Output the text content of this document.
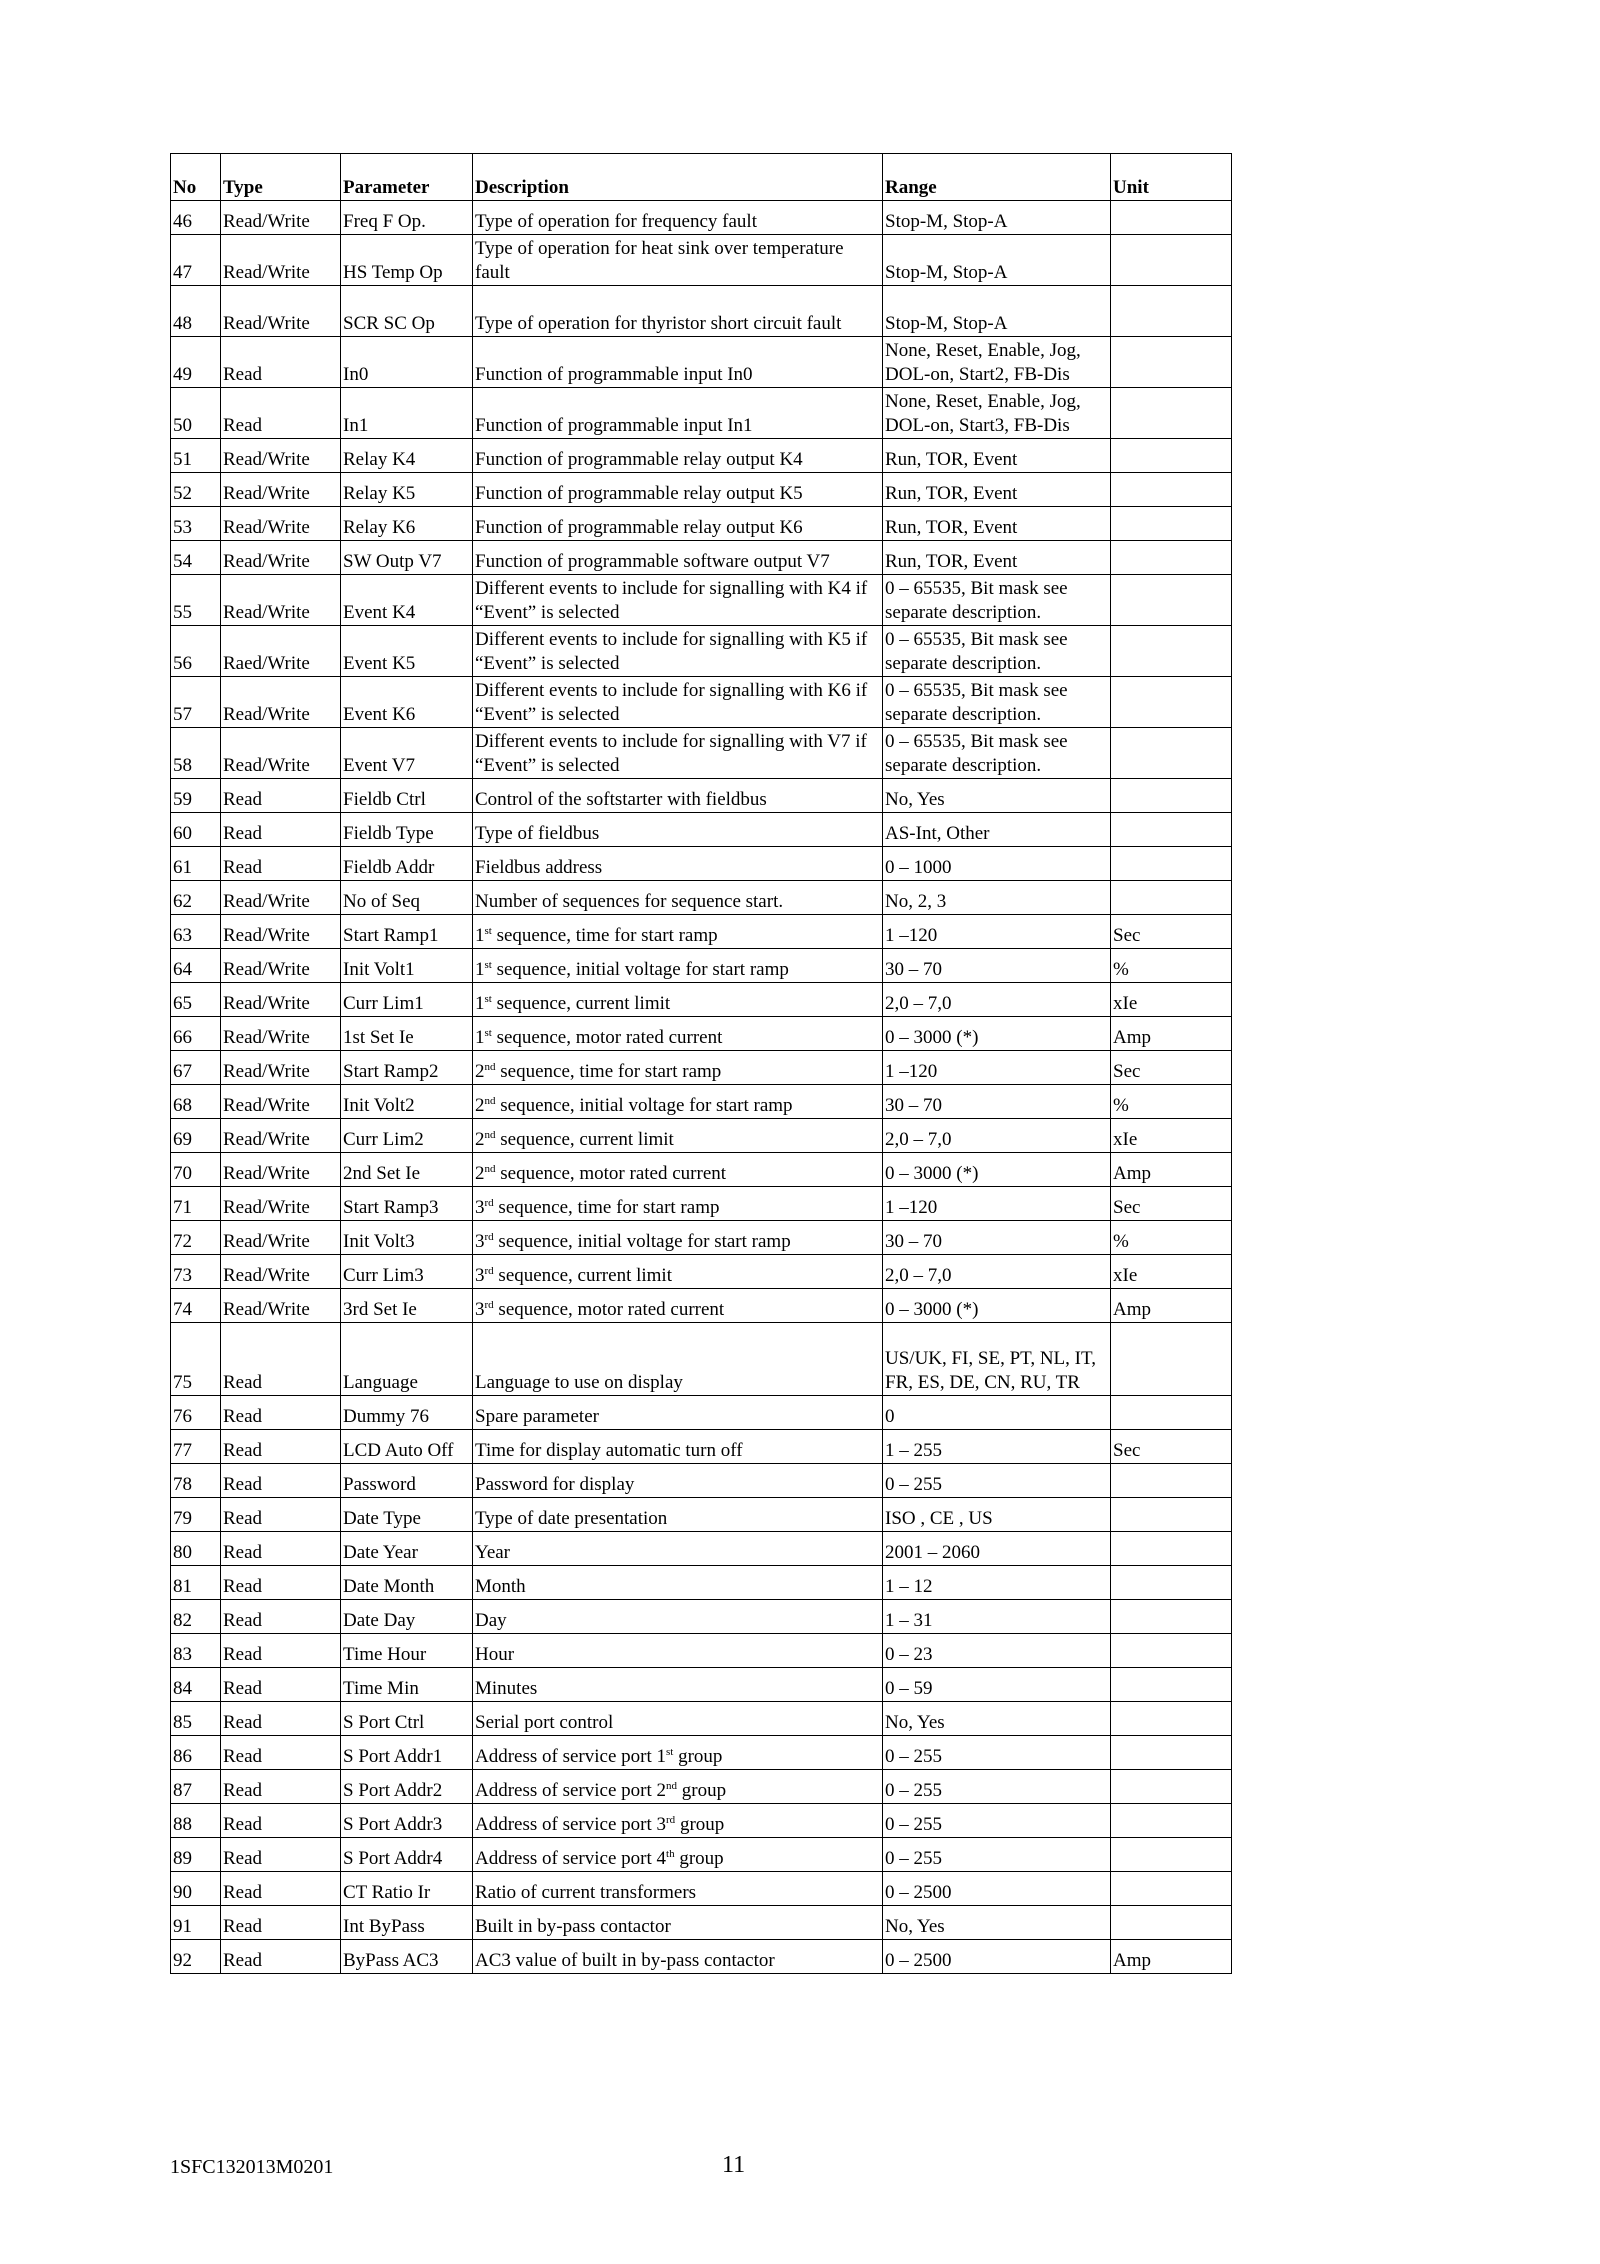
No	Type	Parameter	Description	Range	Unit
46	Read/Write	Freq F Op.	Type of operation for frequency fault	Stop-M, Stop-A	
47	Read/Write	HS Temp Op	Type of operation for heat sink over temperature fault	Stop-M, Stop-A	
48	Read/Write	SCR SC Op	Type of operation for thyristor short circuit fault	Stop-M, Stop-A	
49	Read	In0	Function of programmable input In0	None, Reset, Enable, Jog, DOL-on, Start2, FB-Dis	
50	Read	In1	Function of programmable input In1	None, Reset, Enable, Jog, DOL-on, Start3, FB-Dis	
51	Read/Write	Relay K4	Function of programmable relay output K4	Run, TOR, Event	
52	Read/Write	Relay K5	Function of programmable relay output K5	Run, TOR, Event	
53	Read/Write	Relay K6	Function of programmable relay output K6	Run, TOR, Event	
54	Read/Write	SW Outp V7	Function of programmable software output V7	Run, TOR, Event	
55	Read/Write	Event K4	Different events to include for signalling with K4 if “Event” is selected	0 – 65535, Bit mask see separate description.	
56	Raed/Write	Event K5	Different events to include for signalling with K5 if “Event” is selected	0 – 65535, Bit mask see separate description.	
57	Read/Write	Event K6	Different events to include for signalling with K6 if “Event” is selected	0 – 65535, Bit mask see separate description.	
58	Read/Write	Event V7	Different events to include for signalling with V7 if “Event” is selected	0 – 65535, Bit mask see separate description.	
59	Read	Fieldb Ctrl	Control of the softstarter with fieldbus	No, Yes	
60	Read	Fieldb Type	Type of fieldbus	AS-Int, Other	
61	Read	Fieldb Addr	Fieldbus address	0 – 1000	
62	Read/Write	No of Seq	Number of sequences for sequence start.	No, 2, 3	
63	Read/Write	Start Ramp1	1st sequence, time for start ramp	1 –120	Sec
64	Read/Write	Init Volt1	1st sequence, initial voltage for start ramp	30 – 70	%
65	Read/Write	Curr Lim1	1st sequence, current limit	2,0 – 7,0	xIe
66	Read/Write	1st Set Ie	1st sequence, motor rated current	0 – 3000 (*)	Amp
67	Read/Write	Start Ramp2	2nd sequence, time for start ramp	1 –120	Sec
68	Read/Write	Init Volt2	2nd sequence, initial voltage for start ramp	30 – 70	%
69	Read/Write	Curr Lim2	2nd sequence, current limit	2,0 – 7,0	xIe
70	Read/Write	2nd Set Ie	2nd sequence, motor rated current	0 – 3000 (*)	Amp
71	Read/Write	Start Ramp3	3rd sequence, time for start ramp	1 –120	Sec
72	Read/Write	Init Volt3	3rd sequence, initial voltage for start ramp	30 – 70	%
73	Read/Write	Curr Lim3	3rd sequence, current limit	2,0 – 7,0	xIe
74	Read/Write	3rd Set Ie	3rd sequence, motor rated current	0 – 3000 (*)	Amp
75	Read	Language	Language to use on display	US/UK, FI, SE, PT, NL, IT, FR, ES, DE, CN, RU, TR	
76	Read	Dummy 76	Spare parameter	0	
77	Read	LCD Auto Off	Time for display automatic turn off	1 – 255	Sec
78	Read	Password	Password for display	0 – 255	
79	Read	Date Type	Type of date presentation	ISO , CE , US	
80	Read	Date Year	Year	2001 – 2060	
81	Read	Date Month	Month	1 – 12	
82	Read	Date Day	Day	1 – 31	
83	Read	Time Hour	Hour	0 – 23	
84	Read	Time Min	Minutes	0 – 59	
85	Read	S Port Ctrl	Serial port control	No, Yes	
86	Read	S Port Addr1	Address of service port 1st group	0 – 255	
87	Read	S Port Addr2	Address of service port 2nd group	0 – 255	
88	Read	S Port Addr3	Address of service port 3rd group	0 – 255	
89	Read	S Port Addr4	Address of service port 4th group	0 – 255	
90	Read	CT Ratio Ir	Ratio of current transformers	0 – 2500	
91	Read	Int ByPass	Built in by-pass contactor	No, Yes	
92	Read	ByPass AC3	AC3 value of built in by-pass contactor	0 – 2500	Amp
1SFC132013M0201	11
